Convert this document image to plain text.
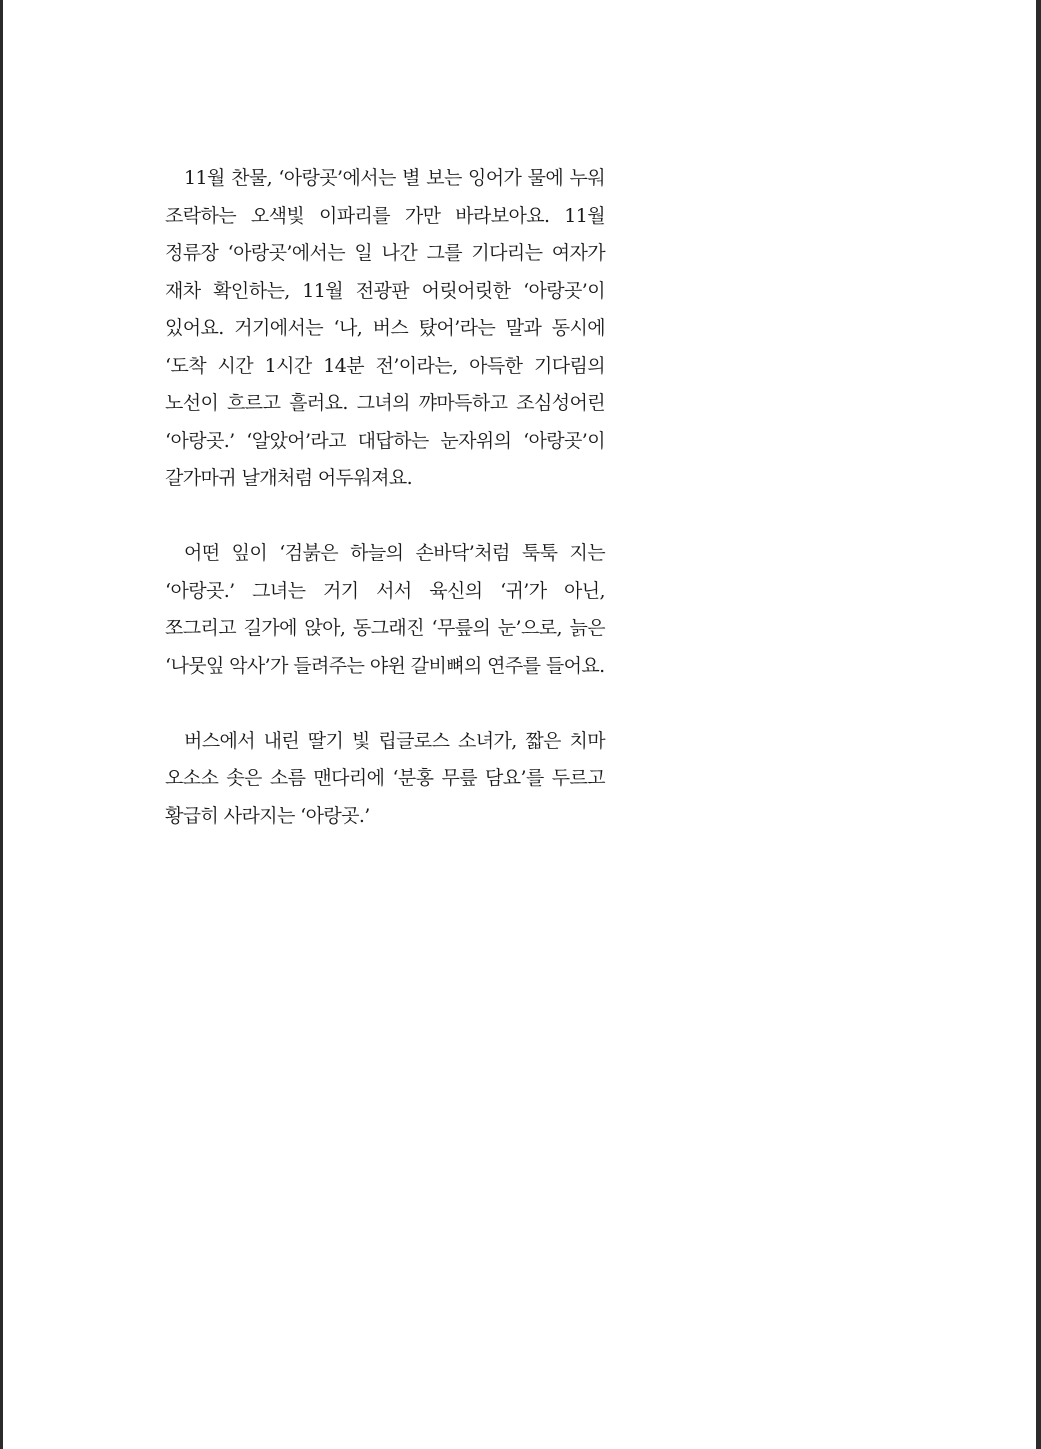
11월 찬물, ‘아랑곳’에서는 별 보는 잉어가 물에 누워 조락하는 오색빛 이파리를 가만 바라보아요. 11월 정류장 ‘아랑곳’에서는 일 나간 그를 기다리는 여자가 재차 확인하는, 11월 전광판 어릿어릿한 ‘아랑곳’이 있어요. 거기에서는 ‘나, 버스 탔어’라는 말과 동시에 ‘도착 시간 1시간 14분 전’이라는, 아득한 기다림의 노선이 흐르고 흘러요. 그녀의 꺄마득하고 조심성어린 ‘아랑곳.’ ‘알았어’라고 대답하는 눈자위의 ‘아랑곳’이 갈가마귀 날개처럼 어두워져요.

어떤 잎이 ‘검붉은 하늘의 손바닥’처럼 툭툭 지는 ‘아랑곳.’ 그녀는 거기 서서 육신의 ‘귀’가 아닌, 쪼그리고 길가에 앉아, 동그래진 ‘무릎의 눈’으로, 늙은 ‘나뭇잎 악사’가 들려주는 야윈 갈비뼈의 연주를 들어요.

버스에서 내린 딸기 빛 립글로스 소녀가, 짧은 치마 오소소 솟은 소름 맨다리에 ‘분홍 무릎 담요’를 두르고 황급히 사라지는 ‘아랑곳.’
